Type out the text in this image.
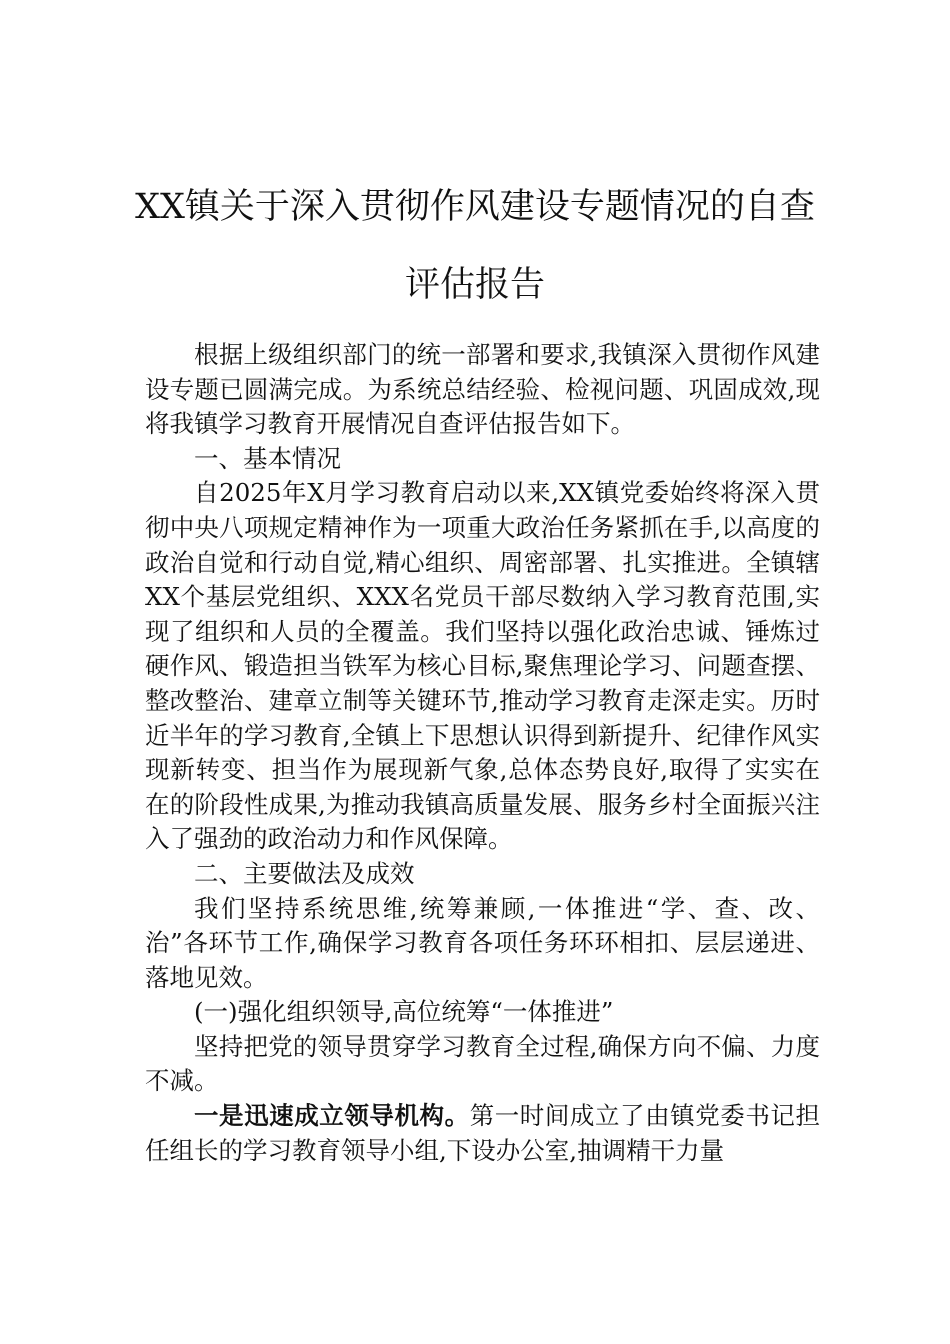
XX镇关于深入贯彻作风建设专题情况的自查评估报告

根据上级组织部门的统一部署和要求,我镇深入贯彻作风建设专题已圆满完成。为系统总结经验、检视问题、巩固成效,现将我镇学习教育开展情况自查评估报告如下。

一、基本情况

自2025年X月学习教育启动以来,XX镇党委始终将深入贯彻中央八项规定精神作为一项重大政治任务紧抓在手,以高度的政治自觉和行动自觉,精心组织、周密部署、扎实推进。全镇辖XX个基层党组织、XXX名党员干部尽数纳入学习教育范围,实现了组织和人员的全覆盖。我们坚持以强化政治忠诚、锤炼过硬作风、锻造担当铁军为核心目标,聚焦理论学习、问题查摆、整改整治、建章立制等关键环节,推动学习教育走深走实。历时近半年的学习教育,全镇上下思想认识得到新提升、纪律作风实现新转变、担当作为展现新气象,总体态势良好,取得了实实在在的阶段性成果,为推动我镇高质量发展、服务乡村全面振兴注入了强劲的政治动力和作风保障。

二、主要做法及成效

我们坚持系统思维,统筹兼顾,一体推进“学、查、改、治”各环节工作,确保学习教育各项任务环环相扣、层层递进、落地见效。

(一)强化组织领导,高位统筹“一体推进”

坚持把党的领导贯穿学习教育全过程,确保方向不偏、力度不减。

一是迅速成立领导机构。第一时间成立了由镇党委书记担任组长的学习教育领导小组,下设办公室,抽调精干力量
